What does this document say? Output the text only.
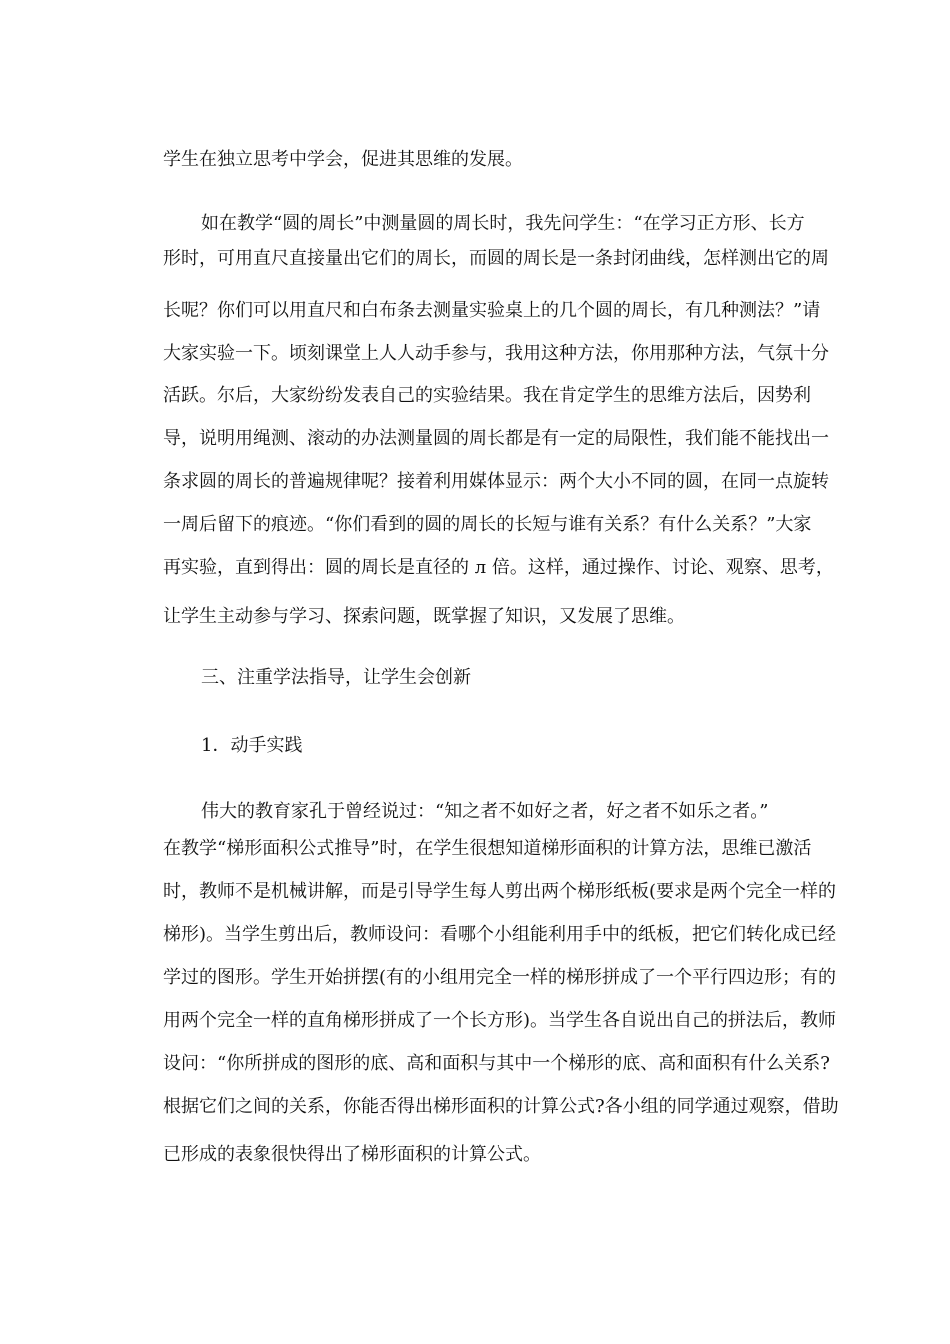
学生在独立思考中学会，促进其思维的发展。
如在教学“圆的周长”中测量圆的周长时，我先问学生：“在学习正方形、长方
形时，可用直尺直接量出它们的周长，而圆的周长是一条封闭曲线，怎样测出它的周
长呢？你们可以用直尺和白布条去测量实验桌上的几个圆的周长，有几种测法？”请
大家实验一下。顷刻课堂上人人动手参与，我用这种方法，你用那种方法，气氛十分
活跃。尔后，大家纷纷发表自己的实验结果。我在肯定学生的思维方法后，因势利
导，说明用绳测、滚动的办法测量圆的周长都是有一定的局限性，我们能不能找出一
条求圆的周长的普遍规律呢？接着利用媒体显示：两个大小不同的圆，在同一点旋转
一周后留下的痕迹。“你们看到的圆的周长的长短与谁有关系？有什么关系？”大家
再实验，直到得出：圆的周长是直径的 л 倍。这样，通过操作、讨论、观察、思考，
让学生主动参与学习、探索问题，既掌握了知识，又发展了思维。
三、注重学法指导，让学生会创新
1．动手实践
伟大的教育家孔于曾经说过：“知之者不如好之者，好之者不如乐之者。”
在教学“梯形面积公式推导”时，在学生很想知道梯形面积的计算方法，思维已激活
时，教师不是机械讲解，而是引导学生每人剪出两个梯形纸板(要求是两个完全一样的
梯形)。当学生剪出后，教师设问：看哪个小组能利用手中的纸板，把它们转化成已经
学过的图形。学生开始拼摆(有的小组用完全一样的梯形拼成了一个平行四边形；有的
用两个完全一样的直角梯形拼成了一个长方形)。当学生各自说出自己的拼法后，教师
设问：“你所拼成的图形的底、高和面积与其中一个梯形的底、高和面积有什么关系?
根据它们之间的关系，你能否得出梯形面积的计算公式?各小组的同学通过观察，借助
已形成的表象很快得出了梯形面积的计算公式。
